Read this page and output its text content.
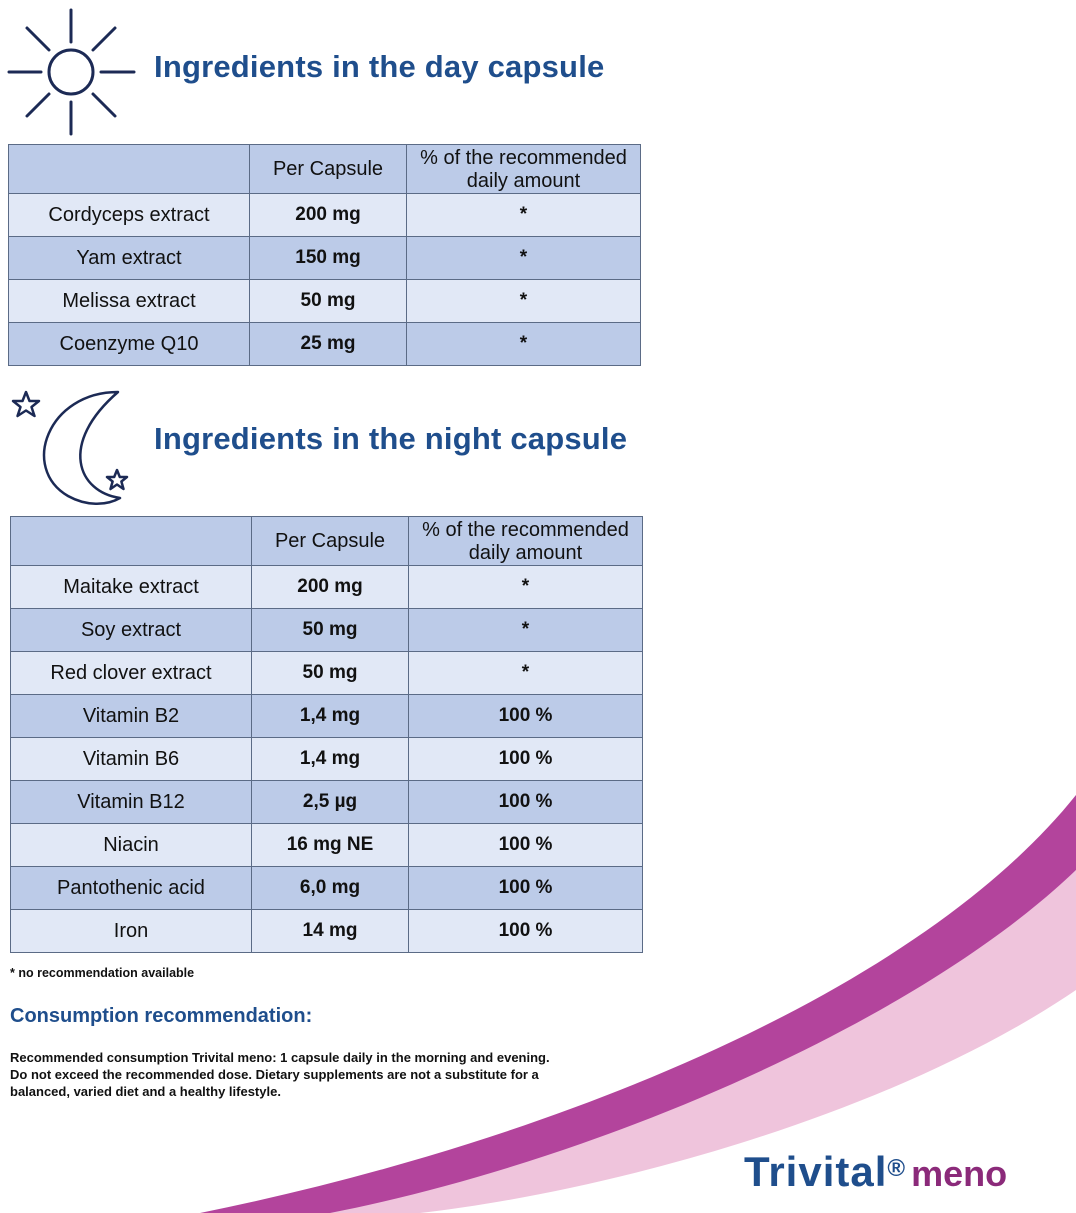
Ingredients in the day capsule
	Per Capsule	% of the recommended daily amount
Cordyceps extract	200 mg	*
Yam extract	150 mg	*
Melissa extract	50 mg	*
Coenzyme Q10	25 mg	*
Ingredients in the night capsule
	Per Capsule	% of the recommended daily amount
Maitake extract	200 mg	*
Soy extract	50 mg	*
Red clover extract	50 mg	*
Vitamin B2	1,4 mg	100 %
Vitamin B6	1,4 mg	100 %
Vitamin B12	2,5 µg	100 %
Niacin	16 mg NE	100 %
Pantothenic acid	6,0 mg	100 %
Iron	14 mg	100 %

* no recommendation available

Consumption recommendation:
Recommended consumption Trivital meno: 1 capsule daily in the morning and evening.
Do not exceed the recommended dose. Dietary supplements are not a substitute for a
balanced, varied diet and a healthy lifestyle.
Trivital® meno
